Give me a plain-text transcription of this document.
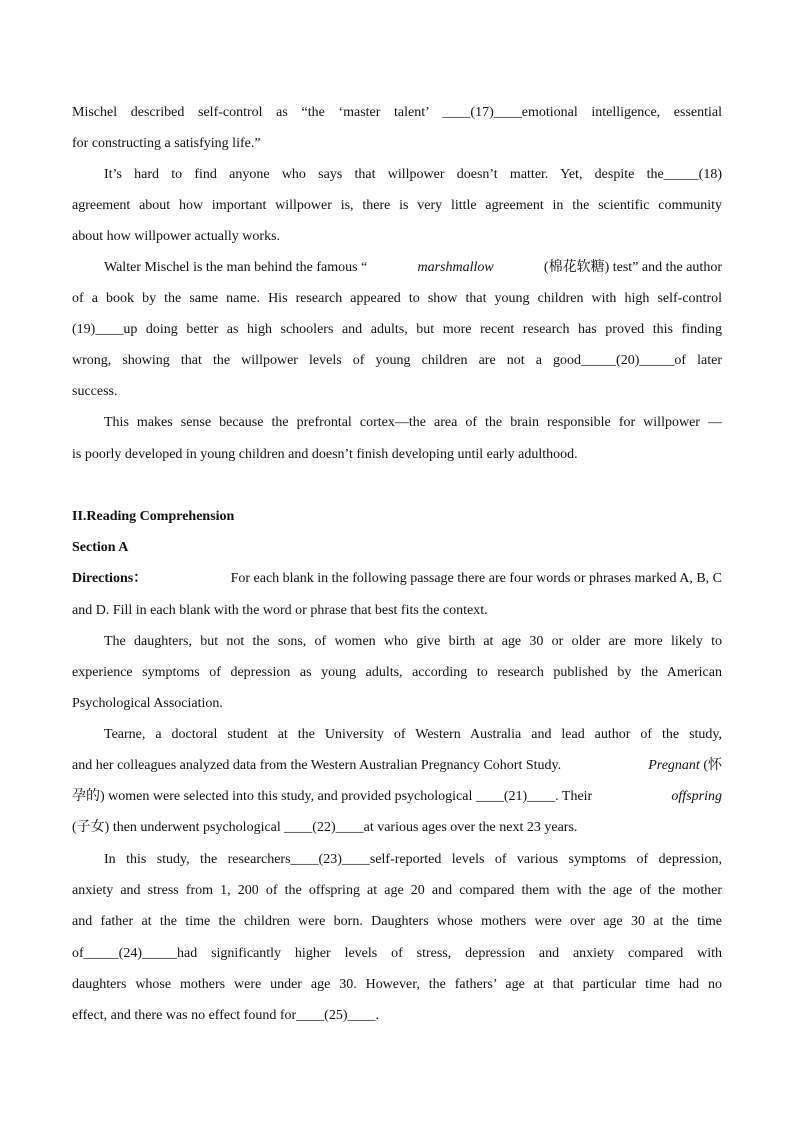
Mischel described self-control as “the ‘master talent’ ____(17)____emotional intelligence, essential
for constructing a satisfying life.”
It’s hard to find anyone who says that willpower doesn’t matter. Yet, despite the_____(18)
agreement about how important willpower is, there is very little agreement in the scientific community
about how willpower actually works.
Walter Mischel is the man behind the famous “	marshmallow	(棉花软糖) test” and the author
of a book by the same name. His research appeared to show that young children with high self-control
(19)____up doing better as high schoolers and adults, but more recent research has proved this finding
wrong, showing that the willpower levels of young children are not a good_____(20)_____of later
success.
This makes sense because the prefrontal cortex—the area of the brain responsible for willpower —
is poorly developed in young children and doesn’t finish developing until early adulthood.
II.Reading Comprehension
Section A
Directions：	For each blank in the following passage there are four words or phrases marked A, B, C
and D. Fill in each blank with the word or phrase that best fits the context.
The daughters, but not the sons, of women who give birth at age 30 or older are more likely to
experience symptoms of depression as young adults, according to research published by the American
Psychological Association.
Tearne, a doctoral student at the University of Western Australia and lead author of the study,
and her colleagues analyzed data from the Western Australian Pregnancy Cohort Study.	Pregnant (怀
孕的) women were selected into this study, and provided psychological ____(21)____. Their	offspring
(子女) then underwent psychological ____(22)____at various ages over the next 23 years.
In this study, the researchers____(23)____self-reported levels of various symptoms of depression,
anxiety and stress from 1, 200 of the offspring at age 20 and compared them with the age of the mother
and father at the time the children were born. Daughters whose mothers were over age 30 at the time
of_____(24)_____had significantly higher levels of stress, depression and anxiety compared with
daughters whose mothers were under age 30. However, the fathers’ age at that particular time had no
effect, and there was no effect found for____(25)____.
